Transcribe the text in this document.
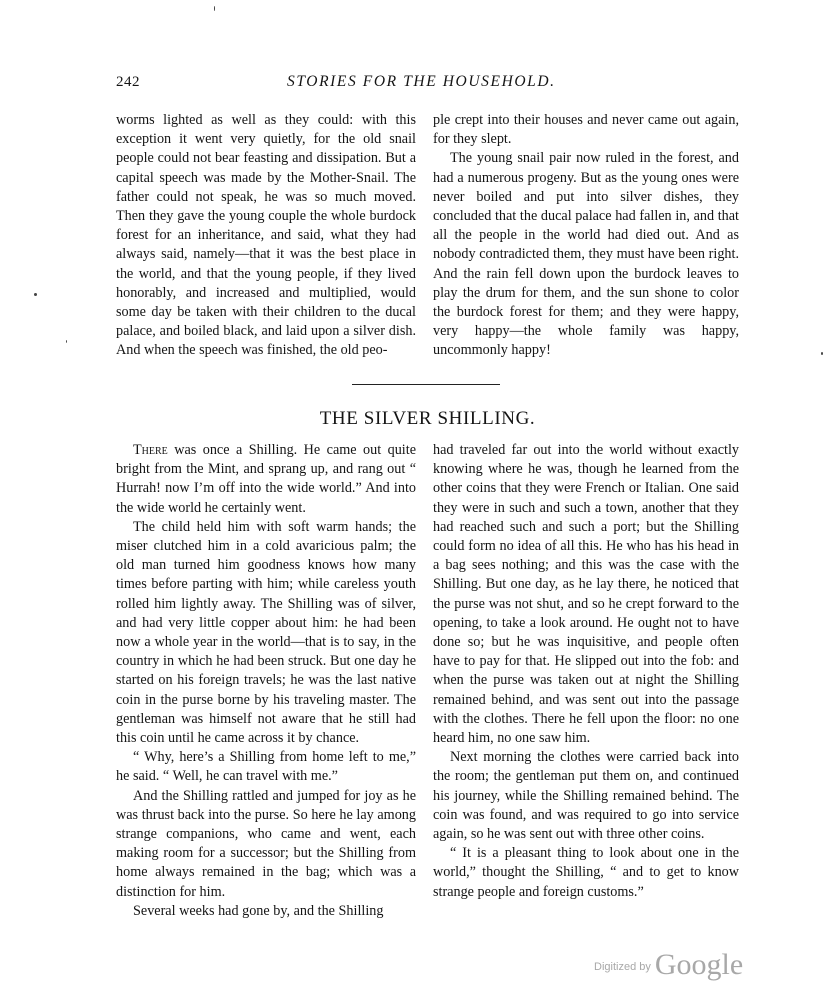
242	STORIES FOR THE HOUSEHOLD.

worms lighted as well as they could: with this exception it went very quietly, for the old snail people could not bear feasting and dissipation. But a capital speech was made by the Mother-Snail. The father could not speak, he was so much moved. Then they gave the young couple the whole burdock forest for an inheritance, and said, what they had always said, namely—that it was the best place in the world, and that the young people, if they lived honorably, and increased and multiplied, would some day be taken with their children to the ducal palace, and boiled black, and laid upon a silver dish. And when the speech was finished, the old peo-

ple crept into their houses and never came out again, for they slept.

The young snail pair now ruled in the forest, and had a numerous progeny. But as the young ones were never boiled and put into silver dishes, they concluded that the ducal palace had fallen in, and that all the people in the world had died out. And as nobody contradicted them, they must have been right. And the rain fell down upon the burdock leaves to play the drum for them, and the sun shone to color the burdock forest for them; and they were happy, very happy—the whole family was happy, uncommonly happy!

THE SILVER SHILLING.

There was once a Shilling. He came out quite bright from the Mint, and sprang up, and rang out “ Hurrah! now I’m off into the wide world.” And into the wide world he certainly went.

The child held him with soft warm hands; the miser clutched him in a cold avaricious palm; the old man turned him goodness knows how many times before parting with him; while careless youth rolled him lightly away. The Shilling was of silver, and had very little copper about him: he had been now a whole year in the world—that is to say, in the country in which he had been struck. But one day he started on his foreign travels; he was the last native coin in the purse borne by his traveling master. The gentleman was himself not aware that he still had this coin until he came across it by chance.

“ Why, here’s a Shilling from home left to me,” he said. “ Well, he can travel with me.”

And the Shilling rattled and jumped for joy as he was thrust back into the purse. So here he lay among strange companions, who came and went, each making room for a successor; but the Shilling from home always remained in the bag; which was a distinction for him.

Several weeks had gone by, and the Shilling

had traveled far out into the world without exactly knowing where he was, though he learned from the other coins that they were French or Italian. One said they were in such and such a town, another that they had reached such and such a port; but the Shilling could form no idea of all this. He who has his head in a bag sees nothing; and this was the case with the Shilling. But one day, as he lay there, he noticed that the purse was not shut, and so he crept forward to the opening, to take a look around. He ought not to have done so; but he was inquisitive, and people often have to pay for that. He slipped out into the fob: and when the purse was taken out at night the Shilling remained behind, and was sent out into the passage with the clothes. There he fell upon the floor: no one heard him, no one saw him.

Next morning the clothes were carried back into the room; the gentleman put them on, and continued his journey, while the Shilling remained behind. The coin was found, and was required to go into service again, so he was sent out with three other coins.

“ It is a pleasant thing to look about one in the world,” thought the Shilling, “ and to get to know strange people and foreign customs.”

$^{Digitized by}$ Google
